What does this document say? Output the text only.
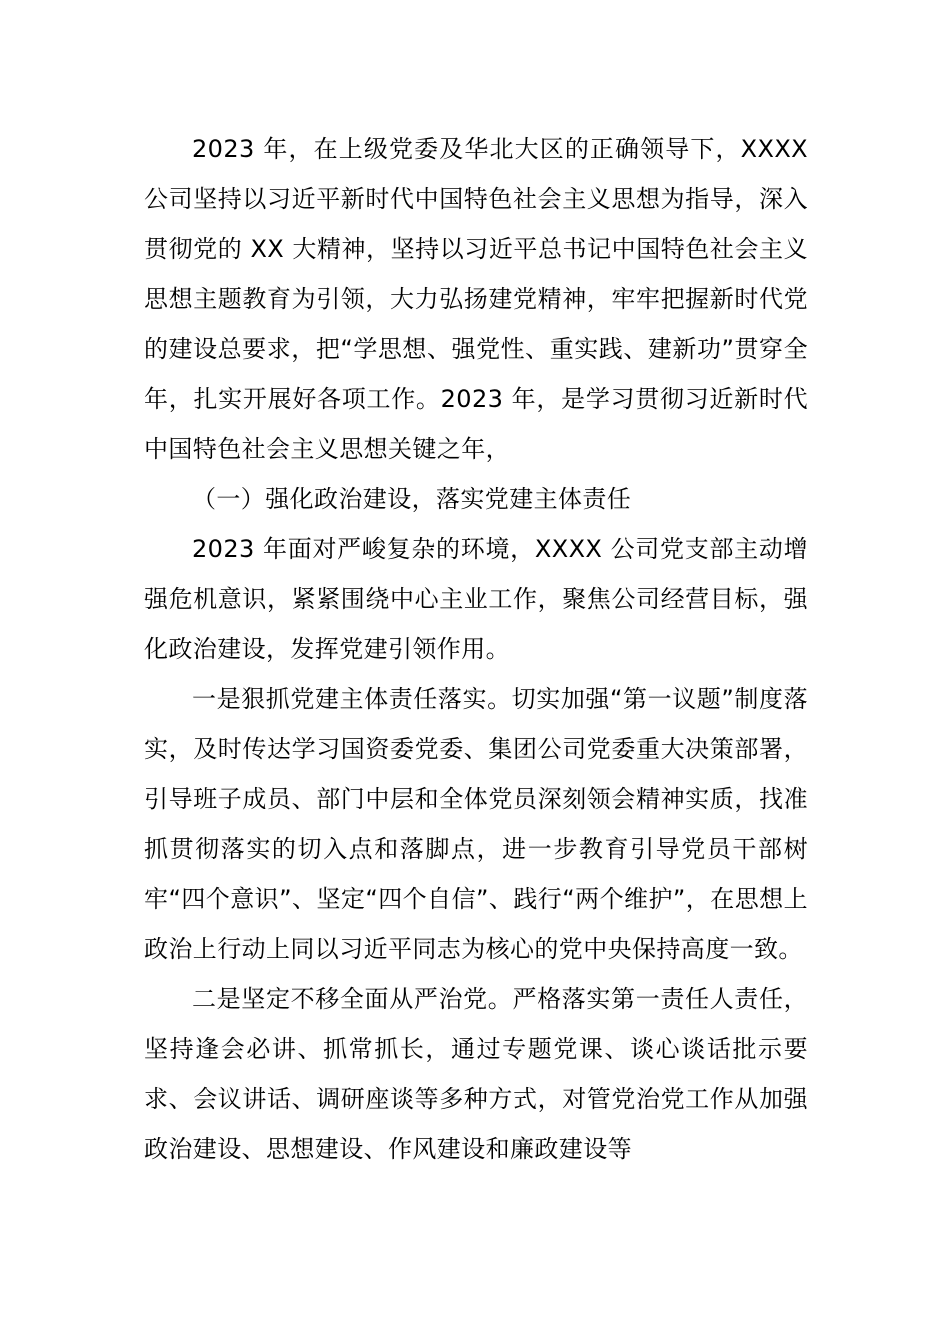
2023 年，在上级党委及华北大区的正确领导下，XXXX 公司坚持以习近平新时代中国特色社会主义思想为指导，深入贯彻党的 XX 大精神，坚持以习近平总书记中国特色社会主义思想主题教育为引领，大力弘扬建党精神，牢牢把握新时代党的建设总要求，把“学思想、强党性、重实践、建新功”贯穿全年，扎实开展好各项工作。2023 年，是学习贯彻习近新时代中国特色社会主义思想关键之年，

（一）强化政治建设，落实党建主体责任

2023 年面对严峻复杂的环境，XXXX 公司党支部主动增强危机意识，紧紧围绕中心主业工作，聚焦公司经营目标，强化政治建设，发挥党建引领作用。

一是狠抓党建主体责任落实。切实加强“第一议题”制度落实，及时传达学习国资委党委、集团公司党委重大决策部署，引导班子成员、部门中层和全体党员深刻领会精神实质，找准抓贯彻落实的切入点和落脚点，进一步教育引导党员干部树牢“四个意识”、坚定“四个自信”、践行“两个维护”，在思想上政治上行动上同以习近平同志为核心的党中央保持高度一致。

二是坚定不移全面从严治党。严格落实第一责任人责任，坚持逢会必讲、抓常抓长，通过专题党课、谈心谈话批示要求、会议讲话、调研座谈等多种方式，对管党治党工作从加强政治建设、思想建设、作风建设和廉政建设等
